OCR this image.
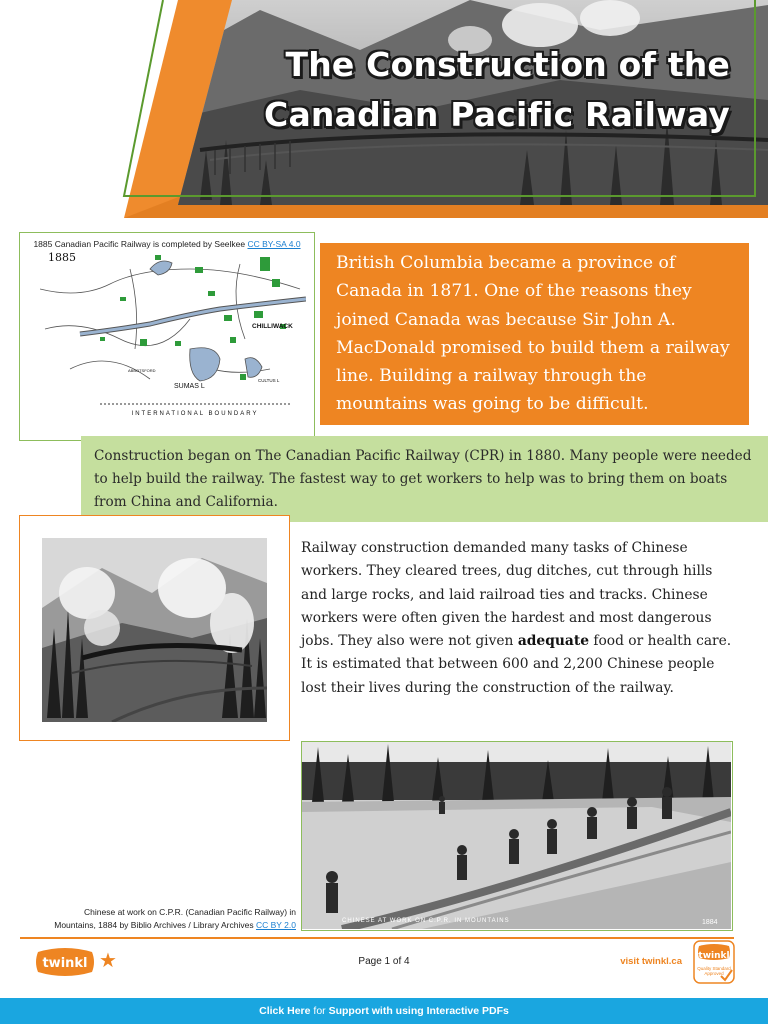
The Construction of the
Canadian Pacific Railway
1885 Canadian Pacific Railway is completed by Seelkee CC BY-SA 4.0
1885
CHILLIWACK
SUMAS L
ABBOTSFORD
CULTUS L
INTERNATIONAL BOUNDARY

British Columbia became a province of Canada in 1871. One of the reasons they joined Canada was because Sir John A. MacDonald promised to build them a railway line. Building a railway through the mountains was going to be difficult.

Construction began on The Canadian Pacific Railway (CPR) in 1880. Many people were needed to help build the railway. The fastest way to get workers to help was to bring them on boats from China and California.

Railway construction demanded many tasks of Chinese workers. They cleared trees, dug ditches, cut through hills and large rocks, and laid railroad ties and tracks. Chinese workers were often given the hardest and most dangerous jobs. They also were not given adequate food or health care. It is estimated that between 600 and 2,200 Chinese people lost their lives during the construction of the railway.

CHINESE AT WORK ON C.P.R. IN MOUNTAINS	1884
Chinese at work on C.P.R. (Canadian Pacific Railway) in
Mountains, 1884 by Biblio Archives / Library Archives CC BY 2.0
twinkl ★	Page 1 of 4	visit twinkl.ca	twinkl
Quality Standard
Approved
Click Here for Support with using Interactive PDFs
